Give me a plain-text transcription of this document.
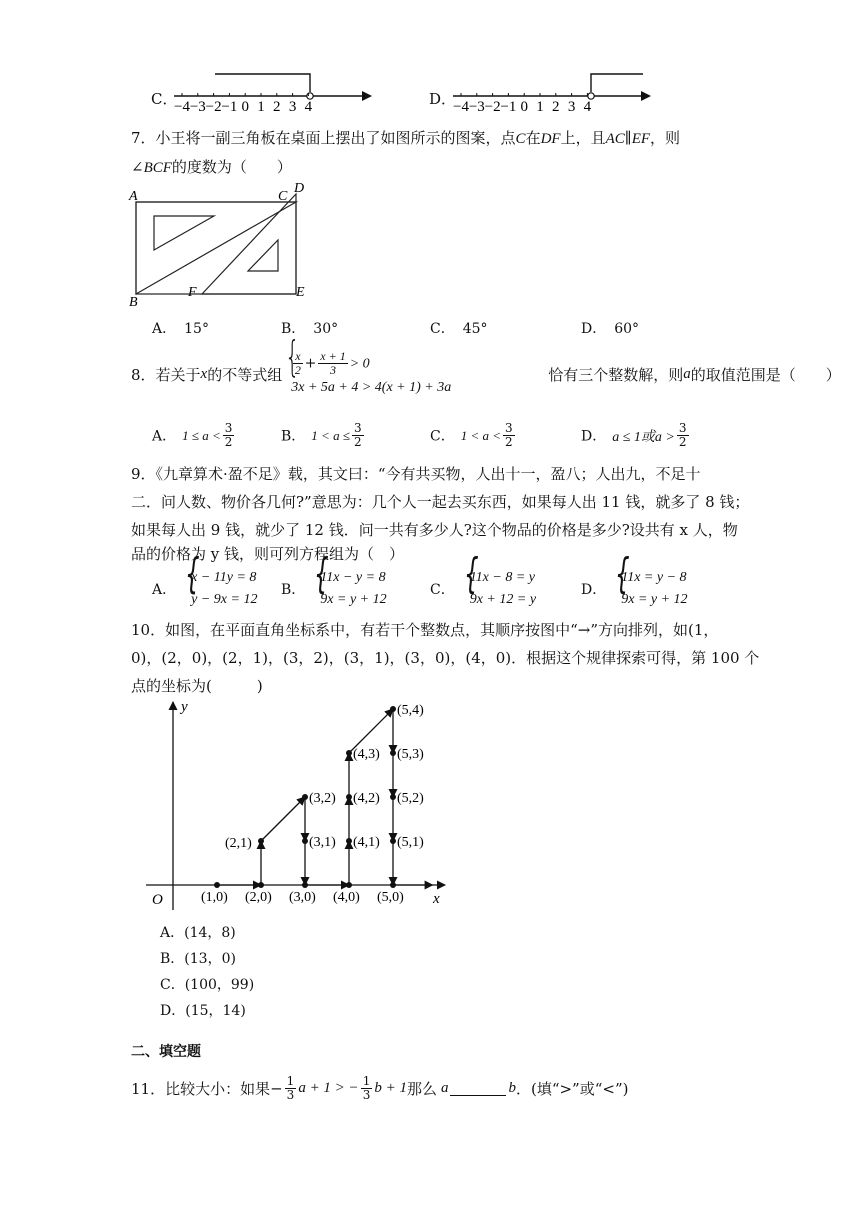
C．
−4 −3 −2 −1 0 1 2 3 4	D．
−4 −3 −2 −1 0 1 2 3 4
7．小王将一副三角板在桌面上摆出了如图所示的图案，点C在DF上，且AC∥EF，则
∠BCF的度数为（　　）
A
B
C
D
E
F
A． 15°	B． 30°	C． 45°	D． 60°
8．若关于x的不等式组
{ $\frac{x}{2} + \frac{x + 1}{3} > 0$
3x + 5a + 4 > 4(x + 1) + 3a
恰有三个整数解，则a的取值范围是（　　）
A． $1 \le a < \frac{3}{2}$	B． $1 < a \le \frac{3}{2}$	C． $1 < a < \frac{3}{2}$	D． a ≤ 1或$a > \frac{3}{2}$
9．《九章算术·盈不足》载，其文曰：“今有共买物，人出十一，盈八；人出九，不足十
二．问人数、物价各几何?”意思为：几个人一起去买东西，如果每人出 11 钱，就多了 8 钱；
如果每人出 9 钱，就少了 12 钱．问一共有多少人?这个物品的价格是多少?设共有 x 人，物
品的价格为 y 钱，则可列方程组为（　）
A．
{ x − 11y = 8
y − 9x = 12
B．
{ 11x − y = 8
9x = y + 12
C．
{ 11x − 8 = y
9x + 12 = y
D．
{ 11x = y − 8
9x = y + 12
10．如图，在平面直角坐标系中，有若干个整数点，其顺序按图中“→”方向排列，如(1，
0)，(2，0)，(2，1)，(3，2)，(3，1)，(3，0)，(4，0)．根据这个规律探索可得，第 100 个
点的坐标为(　　　)
x
y
O	(1,0) (2,0) (3,0) (4,0) (5,0)
(2,1)	(3,1)
(3,2)
(4,1)
(4,2)
(4,3)
(5,1)
(5,2)
(5,3)
(5,4)
A．(14，8)
B．(13，0)
C．(100，99)
D．(15，14)
二、填空题
11．比较大小：如果− $\frac{1}{3}$ a + 1 > − $\frac{1}{3}$ b + 1那么 a	b．(填“>”或“<”)
